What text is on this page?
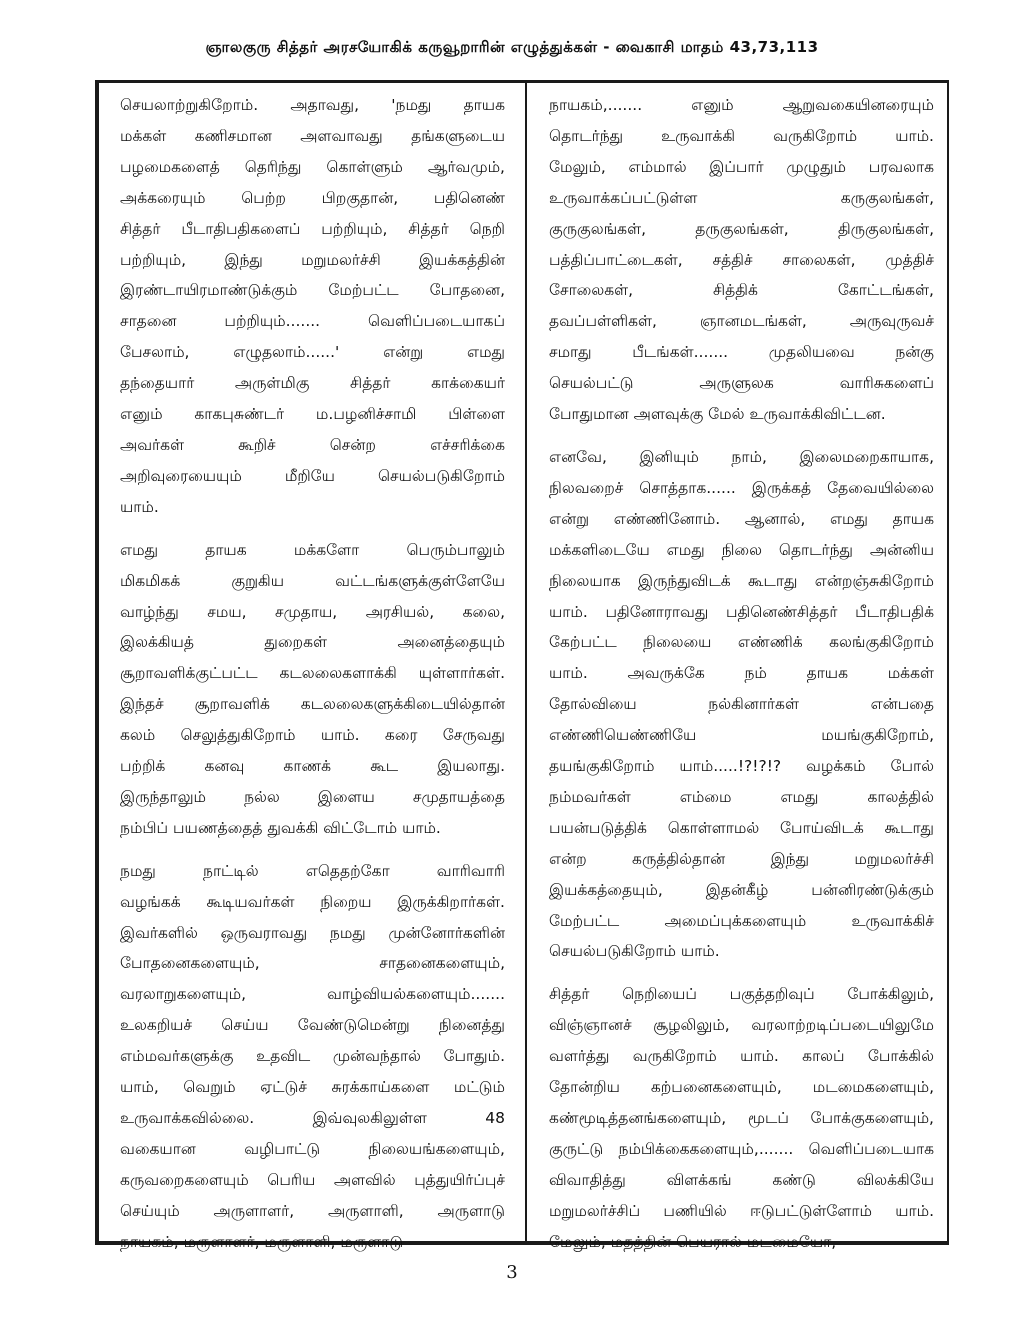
ஞாலகுரு சித்தர் அரசயோகிக் கருவூறாரின் எழுத்துக்கள் - வைகாசி மாதம் 43,73,113
செயலாற்றுகிறோம். அதாவது, 'நமது தாயக
மக்கள் கணிசமான அளவாவது தங்களுடைய
பழமைகளைத் தெரிந்து கொள்ளும் ஆர்வமும்,
அக்கரையும் பெற்ற பிறகுதான், பதினெண்
சித்தர் பீடாதிபதிகளைப் பற்றியும், சித்தர் நெறி
பற்றியும், இந்து மறுமலர்ச்சி இயக்கத்தின்
இரண்டாயிரமாண்டுக்கும் மேற்பட்ட போதனை,
சாதனை பற்றியும்....... வெளிப்படையாகப்
பேசலாம், எழுதலாம்......' என்று எமது
தந்தையார் அருள்மிகு சித்தர் காக்கையர்
எனும் காகபுசுண்டர் ம.பழனிச்சாமி பிள்ளை
அவர்கள் கூறிச் சென்ற எச்சரிக்கை
அறிவுரையையும் மீறியே செயல்படுகிறோம்
யாம்.
எமது தாயக மக்களோ பெரும்பாலும்
மிகமிகக் குறுகிய வட்டங்களுக்குள்ளேயே
வாழ்ந்து சமய, சமுதாய, அரசியல், கலை,
இலக்கியத் துறைகள் அனைத்தையும்
சூறாவளிக்குட்பட்ட கடலலைகளாக்கி யுள்ளார்கள்.
இந்தச் சூறாவளிக் கடலலைகளுக்கிடையில்தான்
கலம் செலுத்துகிறோம் யாம். கரை சேருவது
பற்றிக் கனவு காணக் கூட இயலாது.
இருந்தாலும் நல்ல இளைய சமுதாயத்தை
நம்பிப் பயணத்தைத் துவக்கி விட்டோம் யாம்.
நமது நாட்டில் எதெதற்கோ வாரிவாரி
வழங்கக் கூடியவர்கள் நிறைய இருக்கிறார்கள்.
இவர்களில் ஒருவராவது நமது முன்னோர்களின்
போதனைகளையும், சாதனைகளையும்,
வரலாறுகளையும், வாழ்வியல்களையும்.......
உலகறியச் செய்ய வேண்டுமென்று நினைத்து
எம்மவர்களுக்கு உதவிட முன்வந்தால் போதும்.
யாம், வெறும் ஏட்டுச் சுரக்காய்களை மட்டும்
உருவாக்கவில்லை. இவ்வுலகிலுள்ள 48
வகையான வழிபாட்டு நிலையங்களையும்,
கருவறைகளையும் பெரிய அளவில் புத்துயிர்ப்புச்
செய்யும் அருளாளர், அருளாளி, அருளாடு
நாயகம், மருளாளர், மருளாளி, மருளாடு
நாயகம்,....... எனும் ஆறுவகையினரையும்
தொடர்ந்து உருவாக்கி வருகிறோம் யாம்.
மேலும், எம்மால் இப்பார் முழுதும் பரவலாக
உருவாக்கப்பட்டுள்ள கருகுலங்கள்,
குருகுலங்கள், தருகுலங்கள், திருகுலங்கள்,
பத்திப்பாட்டைகள், சத்திச் சாலைகள், முத்திச்
சோலைகள், சித்திக் கோட்டங்கள்,
தவப்பள்ளிகள், ஞானமடங்கள், அருவுருவச்
சமாது பீடங்கள்....... முதலியவை நன்கு
செயல்பட்டு அருளுலக வாரிசுகளைப்
போதுமான அளவுக்கு மேல் உருவாக்கிவிட்டன.
எனவே, இனியும் நாம், இலைமறைகாயாக,
நிலவறைச் சொத்தாக...... இருக்கத் தேவையில்லை
என்று எண்ணினோம். ஆனால், எமது தாயக
மக்களிடையே எமது நிலை தொடர்ந்து அன்னிய
நிலையாக இருந்துவிடக் கூடாது என்றஞ்சுகிறோம்
யாம். பதினோராவது பதினெண்சித்தர் பீடாதிபதிக்
கேற்பட்ட நிலையை எண்ணிக் கலங்குகிறோம்
யாம். அவருக்கே நம் தாயக மக்கள்
தோல்வியை நல்கினார்கள் என்பதை
எண்ணியெண்ணியே மயங்குகிறோம்,
தயங்குகிறோம் யாம்.....!?!?!? வழக்கம் போல்
நம்மவர்கள் எம்மை எமது காலத்தில்
பயன்படுத்திக் கொள்ளாமல் போய்விடக் கூடாது
என்ற கருத்தில்தான் இந்து மறுமலர்ச்சி
இயக்கத்தையும், இதன்கீழ் பன்னிரண்டுக்கும்
மேற்பட்ட அமைப்புக்களையும் உருவாக்கிச்
செயல்படுகிறோம் யாம்.
சித்தர் நெறியைப் பகுத்தறிவுப் போக்கிலும்,
விஞ்ஞானச் சூழலிலும், வரலாற்றடிப்படையிலுமே
வளர்த்து வருகிறோம் யாம். காலப் போக்கில்
தோன்றிய கற்பனைகளையும், மடமைகளையும்,
கண்மூடித்தனங்களையும், மூடப் போக்குகளையும்,
குருட்டு நம்பிக்கைகளையும்,....... வெளிப்படையாக
விவாதித்து விளக்கங் கண்டு விலக்கியே
மறுமலர்ச்சிப் பணியில் ஈடுபட்டுள்ளோம் யாம்.
மேலும், மதத்தின் பெயரால் மடமையோ,
3
